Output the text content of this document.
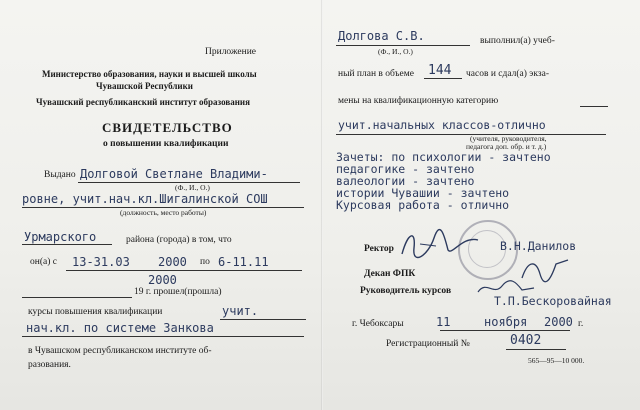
Приложение
Министерство образования, науки и высшей школы
Чувашской Республики
Чувашский республиканский институт образования
СВИДЕТЕЛЬСТВО
о повышении квалификации
Выдано Долговой Светлане Владими-
(Ф., И., О.)
ровне, учит.нач.кл.Шигалинской СОШ
(должность, место работы)
Урмарского	района (города) в том, что
он(а) с 13-31.03 2000 по 6-11.11
2000
19 г. прошел(прошла)
курсы повышения квалификации	учит.
нач.кл. по системе Занкова
в Чувашском республиканском институте об-
разования.
Долгова С.В.	выполнил(а) учеб-
(Ф., И., О.)
ный план в объеме 144 часов и сдал(а) экза-
мены на квалификационную категорию
учит.начальных классов-отлично
(учителя, руководителя,
педагога доп. обр. и т. д.)
Зачеты: по психологии - зачтено
педагогике - зачтено
валеологии - зачтено
истории Чувашии - зачтено
Курсовая работа - отлично
Ректор	В.Н.Данилов
Декан ФПК
Руководитель курсов
Т.П.Бескоровайная
г. Чебоксары	11	ноября 2000 г.
Регистрационный №	0402
565—95—10 000.
